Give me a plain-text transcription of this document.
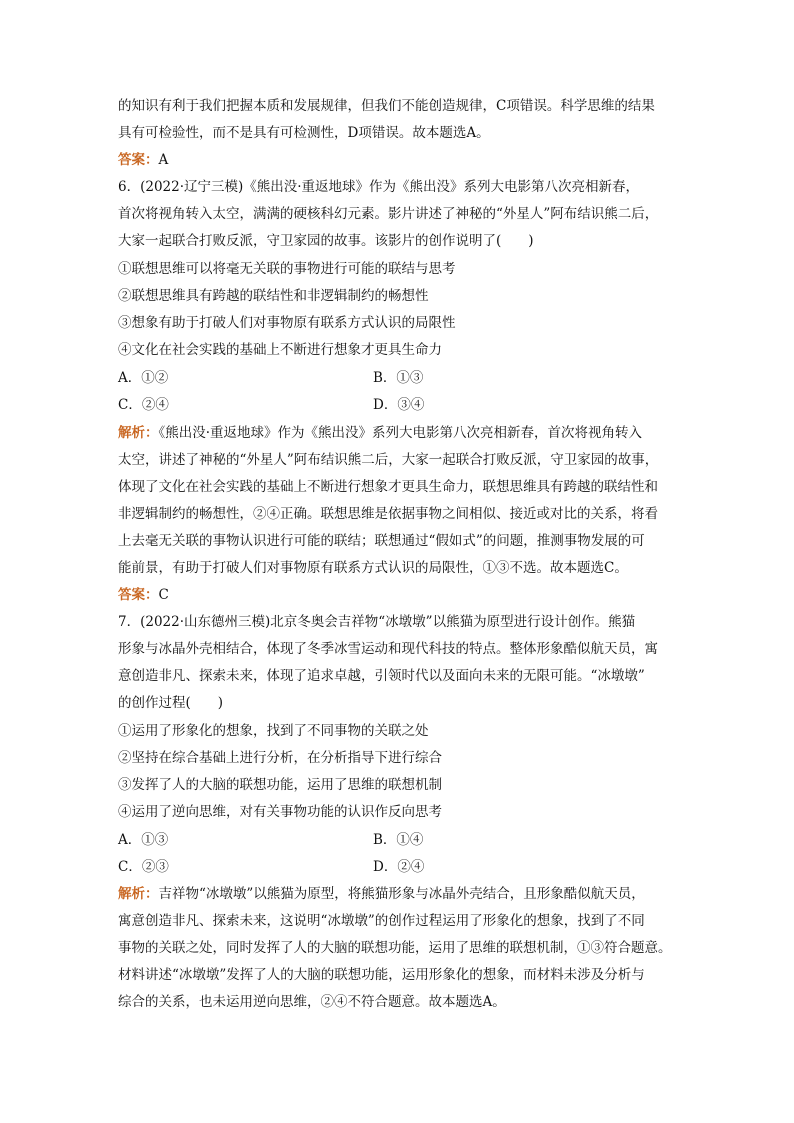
的知识有利于我们把握本质和发展规律，但我们不能创造规律，C项错误。科学思维的结果
具有可检验性，而不是具有可检测性，D项错误。故本题选A。
答案：A
6．(2022·辽宁三模)《熊出没·重返地球》作为《熊出没》系列大电影第八次亮相新春，
首次将视角转入太空，满满的硬核科幻元素。影片讲述了神秘的“外星人”阿布结识熊二后，
大家一起联合打败反派，守卫家园的故事。该影片的创作说明了(　　)
①联想思维可以将毫无关联的事物进行可能的联结与思考
②联想思维具有跨越的联结性和非逻辑制约的畅想性
③想象有助于打破人们对事物原有联系方式认识的局限性
④文化在社会实践的基础上不断进行想象才更具生命力
A．①②	B．①③
C．②④	D．③④
解析：《熊出没·重返地球》作为《熊出没》系列大电影第八次亮相新春，首次将视角转入
太空，讲述了神秘的“外星人”阿布结识熊二后，大家一起联合打败反派，守卫家园的故事，
体现了文化在社会实践的基础上不断进行想象才更具生命力，联想思维具有跨越的联结性和
非逻辑制约的畅想性，②④正确。联想思维是依据事物之间相似、接近或对比的关系，将看
上去毫无关联的事物认识进行可能的联结；联想通过“假如式”的问题，推测事物发展的可
能前景，有助于打破人们对事物原有联系方式认识的局限性，①③不选。故本题选C。
答案：C
7．(2022·山东德州三模)北京冬奥会吉祥物“冰墩墩”以熊猫为原型进行设计创作。熊猫
形象与冰晶外壳相结合，体现了冬季冰雪运动和现代科技的特点。整体形象酷似航天员，寓
意创造非凡、探索未来，体现了追求卓越，引领时代以及面向未来的无限可能。“冰墩墩”
的创作过程(　　)
①运用了形象化的想象，找到了不同事物的关联之处
②坚持在综合基础上进行分析，在分析指导下进行综合
③发挥了人的大脑的联想功能，运用了思维的联想机制
④运用了逆向思维，对有关事物功能的认识作反向思考
A．①③	B．①④
C．②③	D．②④
解析：吉祥物“冰墩墩”以熊猫为原型，将熊猫形象与冰晶外壳结合，且形象酷似航天员，
寓意创造非凡、探索未来，这说明“冰墩墩”的创作过程运用了形象化的想象，找到了不同
事物的关联之处，同时发挥了人的大脑的联想功能，运用了思维的联想机制，①③符合题意。
材料讲述“冰墩墩”发挥了人的大脑的联想功能，运用形象化的想象，而材料未涉及分析与
综合的关系，也未运用逆向思维，②④不符合题意。故本题选A。
